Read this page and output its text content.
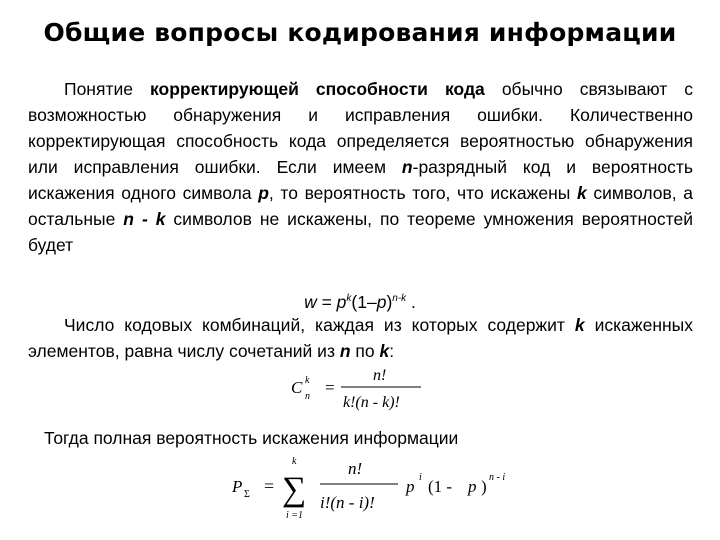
Общие вопросы кодирования информации

Понятие корректирующей способности кода обычно связывают с возможностью обнаружения и исправления ошибки. Количественно корректирующая способность кода определяется вероятностью обнаружения или исправления ошибки. Если имеем n-разрядный код и вероятность искажения одного символа p, то вероятность того, что искажены k символов, а остальные n - k символов не искажены, по теореме умножения вероятностей будет

$w = p^k(1-p)^{n-k}$ .

Число кодовых комбинаций, каждая из которых содержит k искаженных элементов, равна числу сочетаний из n по k:

C k
n =
n!
k!(n - k)!
Тогда полная вероятность искажения информации
P Σ =
k
∑
i =1
n!
i!(n - i)!
p i (1 - p ) n - i
